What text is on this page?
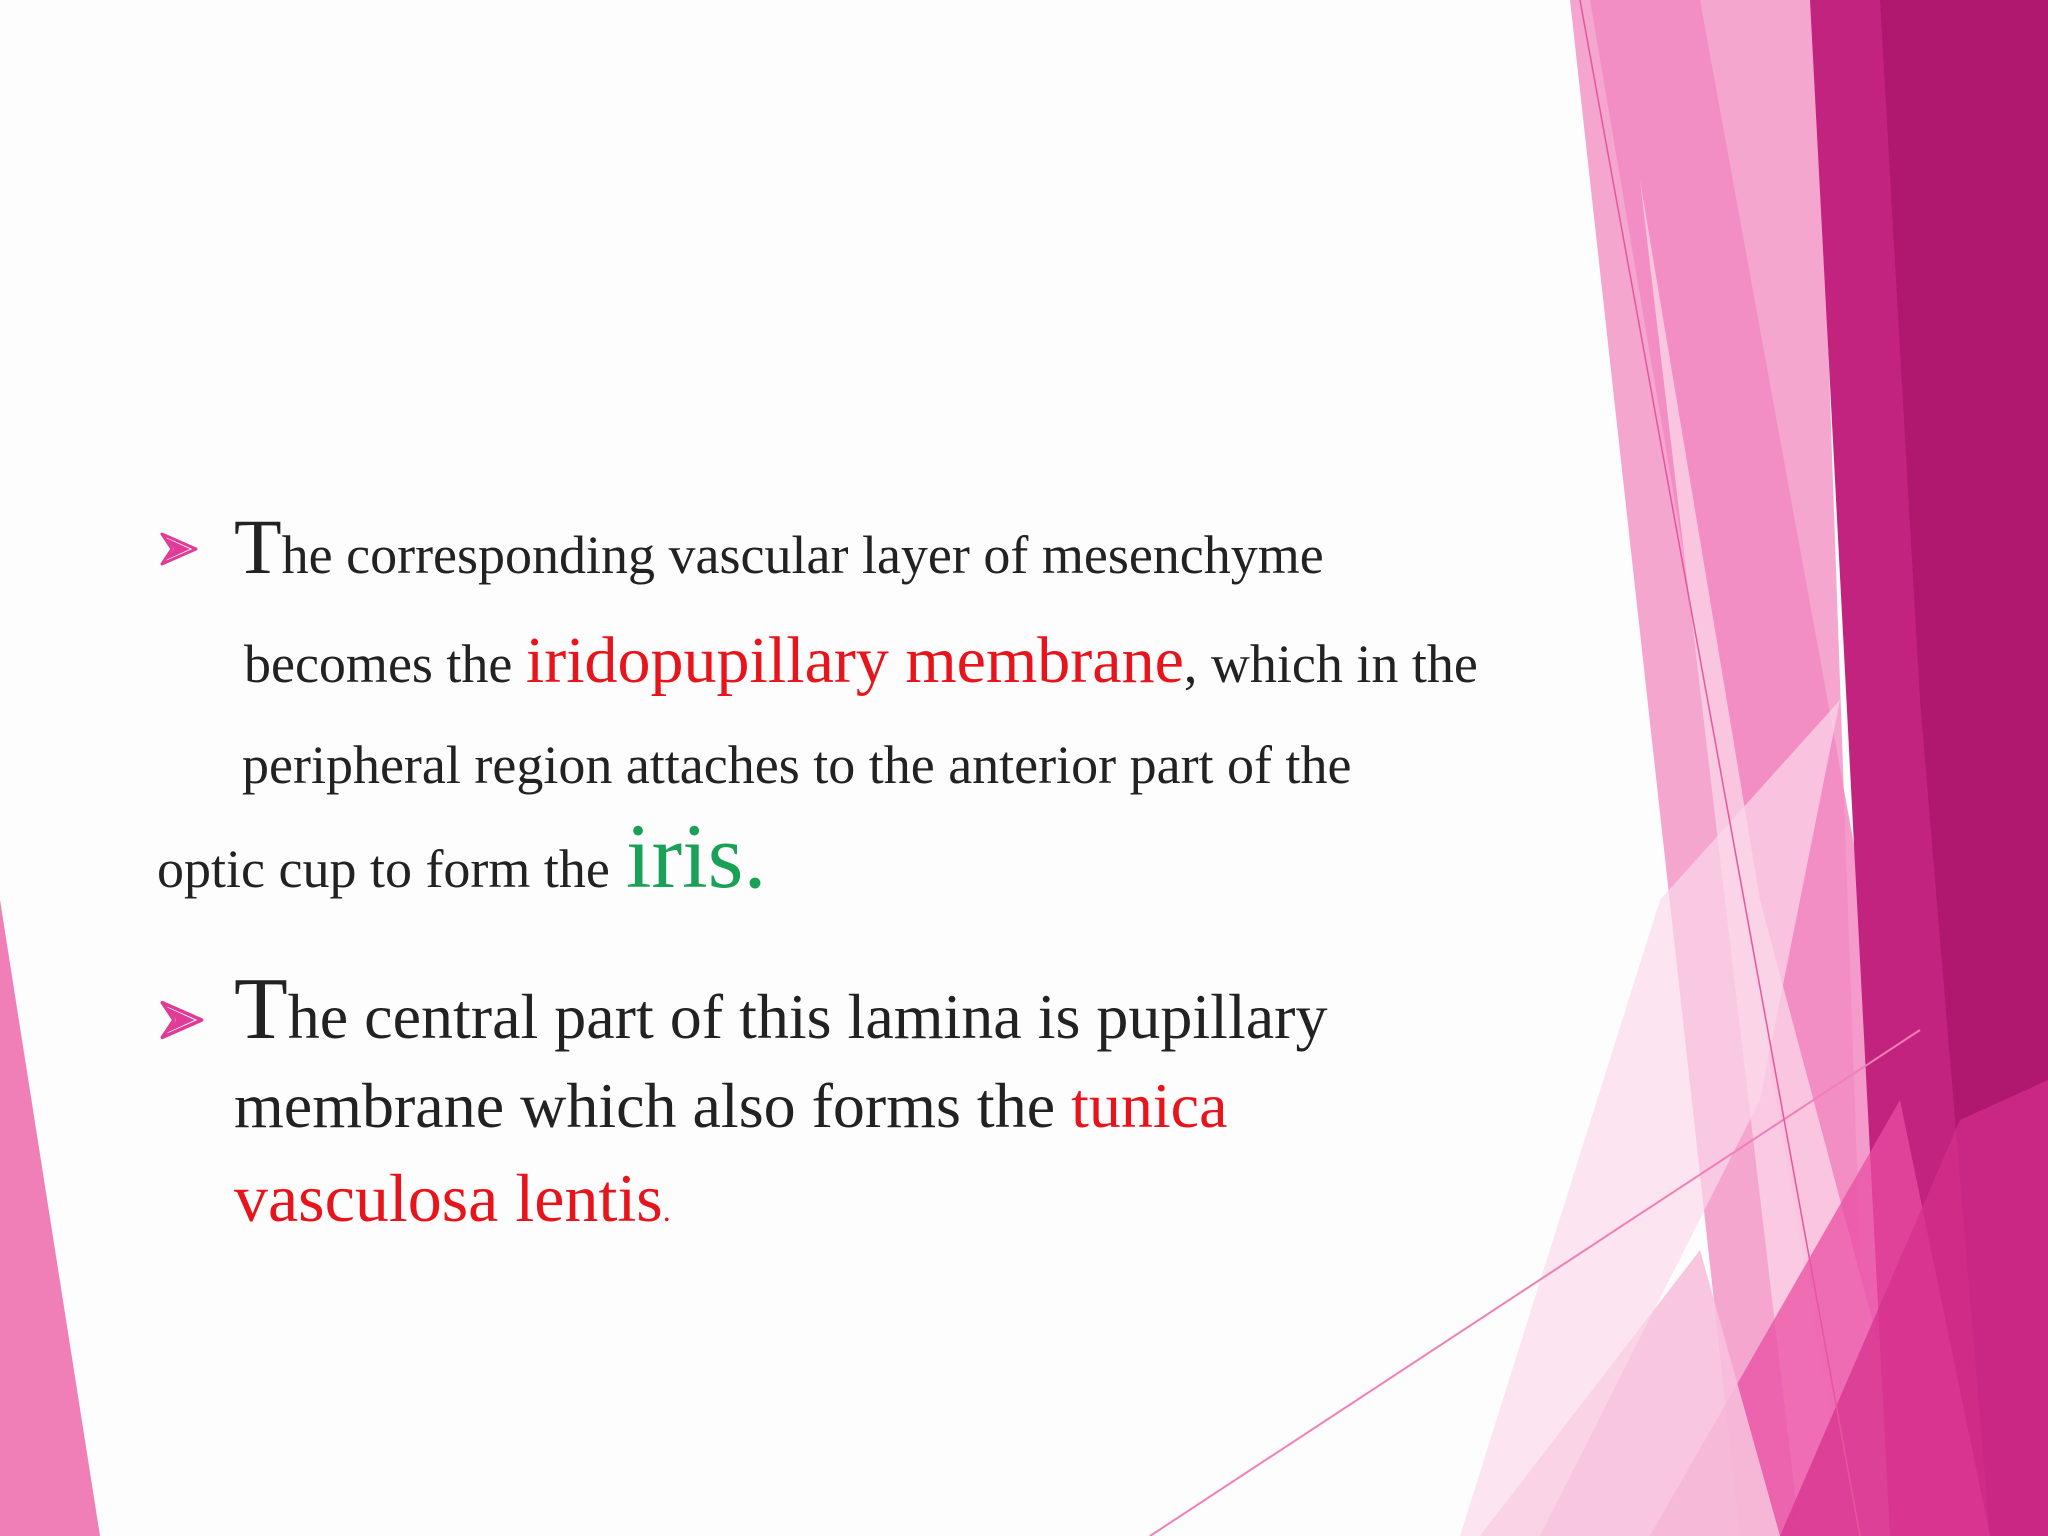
The corresponding vascular layer of mesenchyme
becomes the iridopupillary membrane, which in the
peripheral region attaches to the anterior part of the
optic cup to form the iris.
The central part of this lamina is pupillary
membrane which also forms the tunica
vasculosa lentis.
